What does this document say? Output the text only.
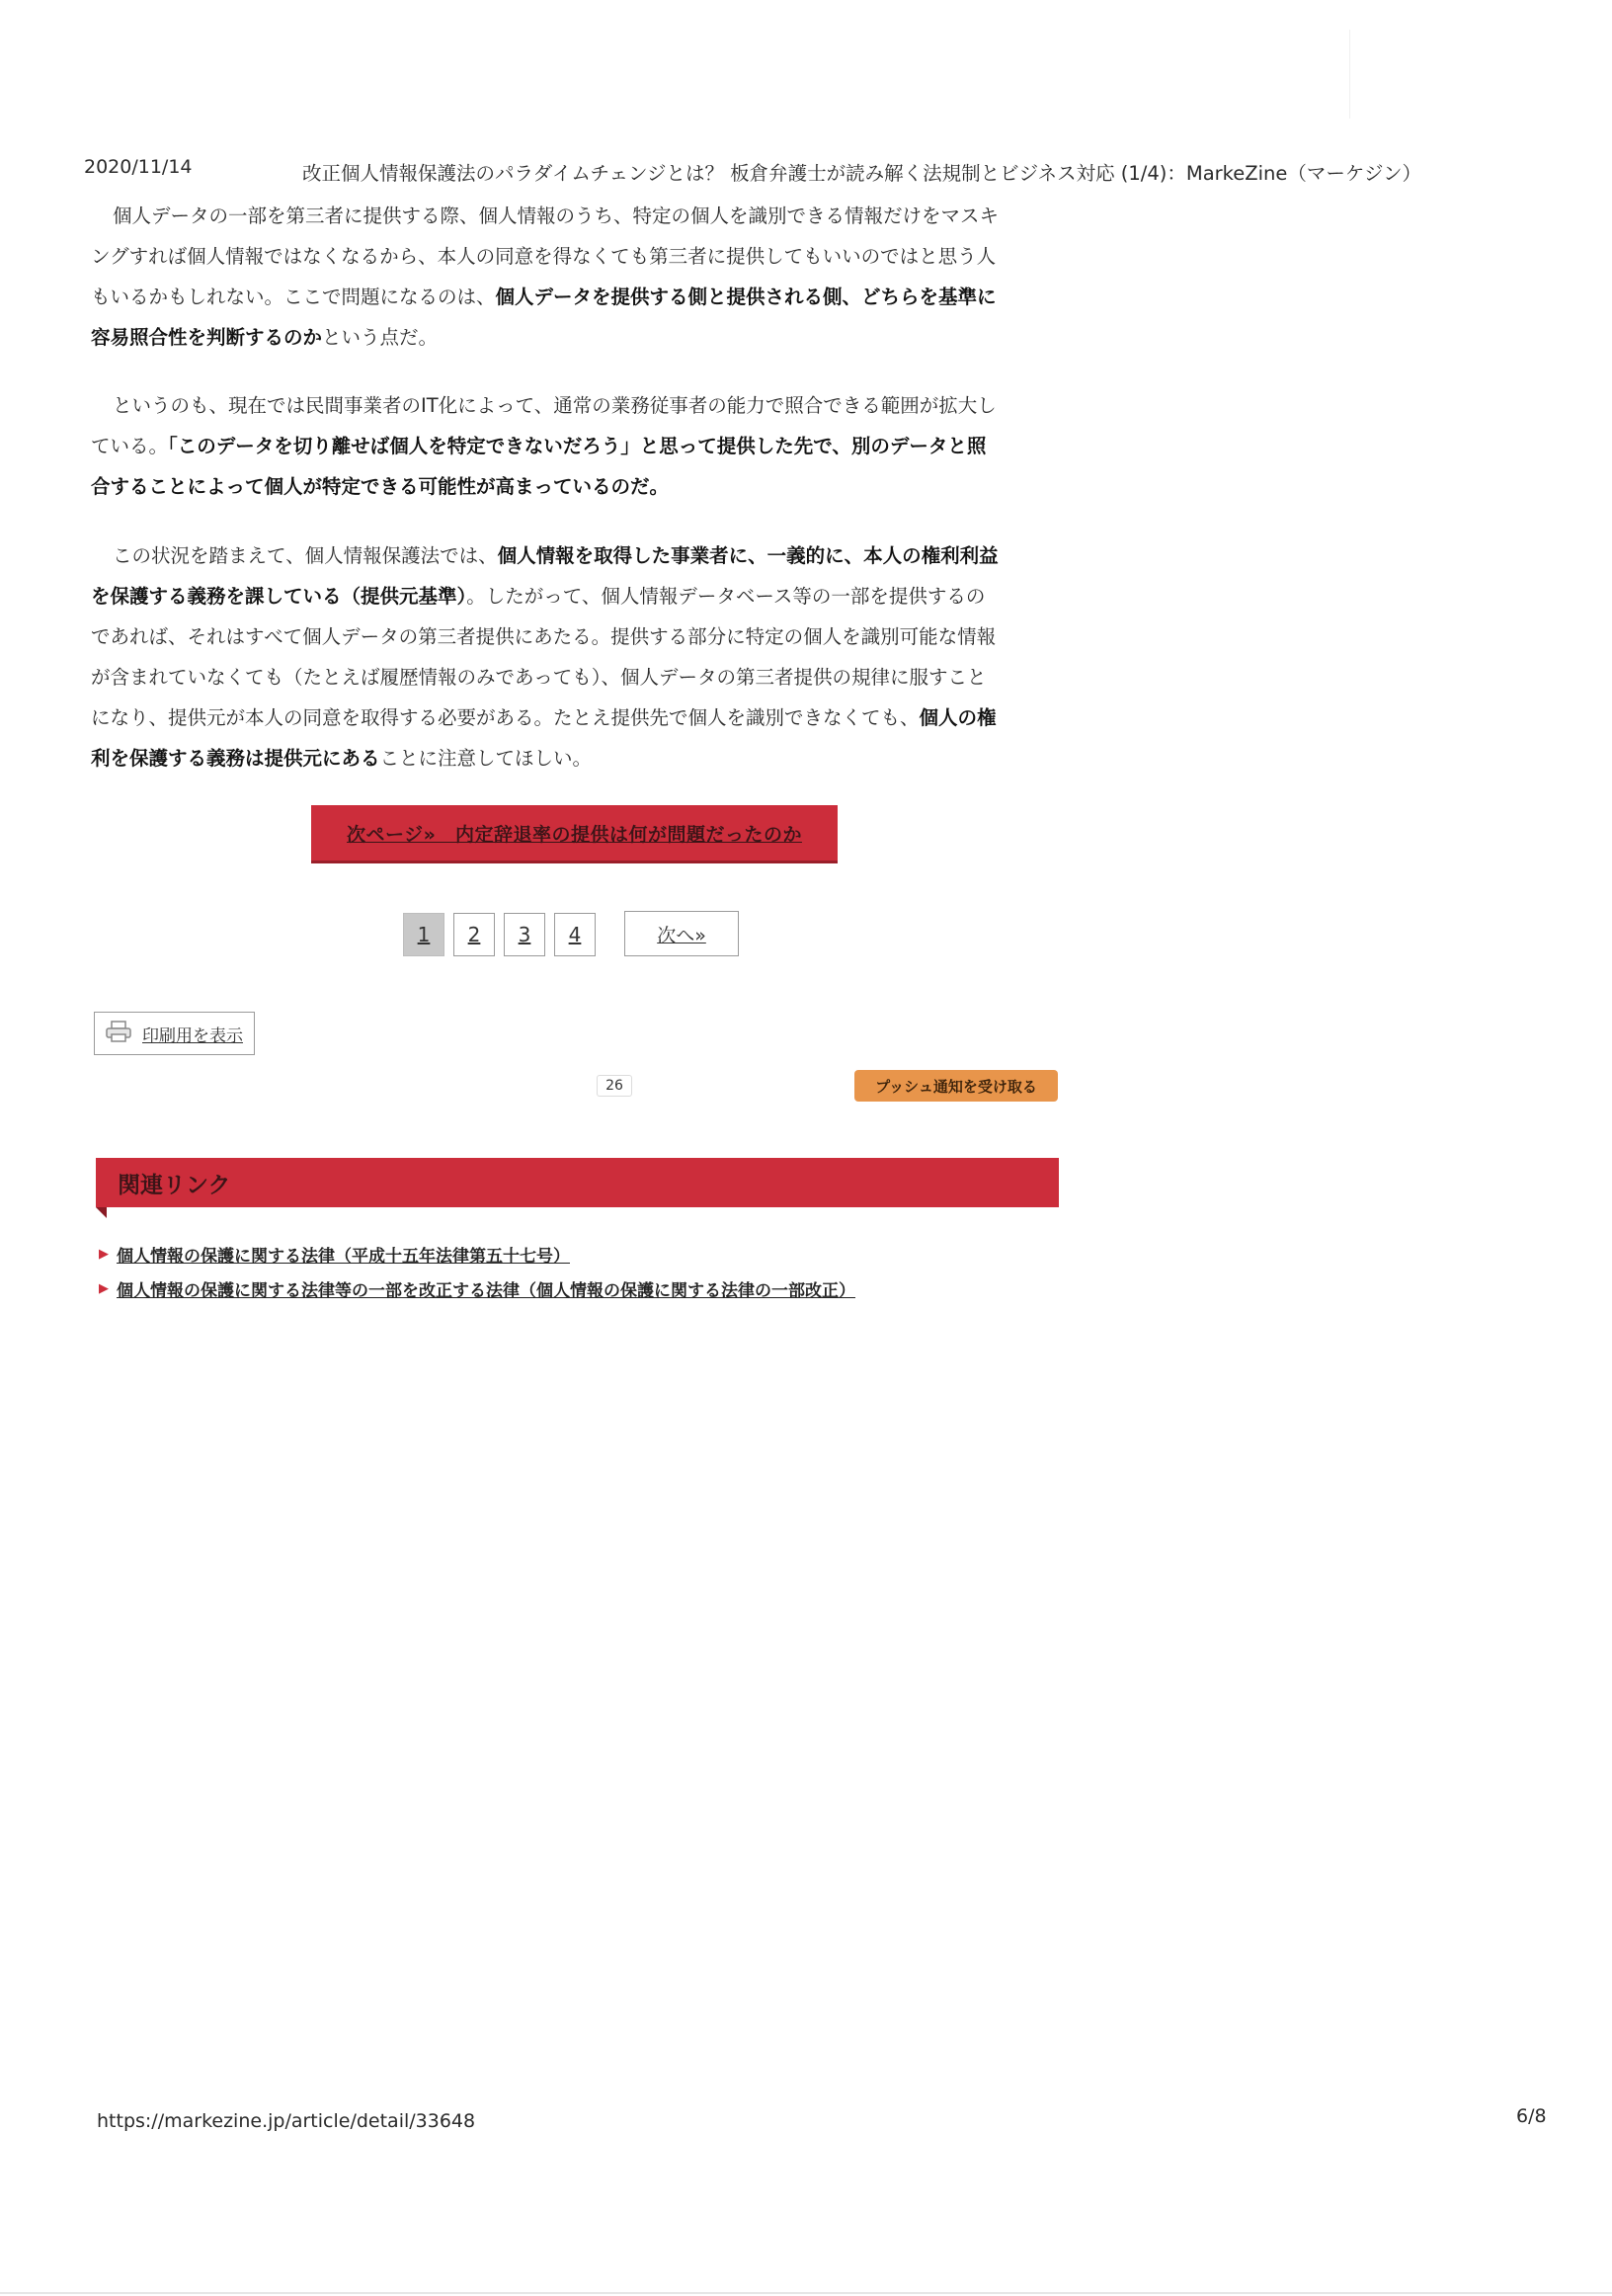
2020/11/14	改正個人情報保護法のパラダイムチェンジとは？ 板倉弁護士が読み解く法規制とビジネス対応 (1/4)：MarkeZine（マーケジン）
個人データの一部を第三者に提供する際、個人情報のうち、特定の個人を識別できる情報だけをマスキ
ングすれば個人情報ではなくなるから、本人の同意を得なくても第三者に提供してもいいのではと思う人
もいるかもしれない。ここで問題になるのは、個人データを提供する側と提供される側、どちらを基準に
容易照合性を判断するのかという点だ。
というのも、現在では民間事業者のIT化によって、通常の業務従事者の能力で照合できる範囲が拡大し
ている。「このデータを切り離せば個人を特定できないだろう」と思って提供した先で、別のデータと照
合することによって個人が特定できる可能性が高まっているのだ。
この状況を踏まえて、個人情報保護法では、個人情報を取得した事業者に、一義的に、本人の権利利益
を保護する義務を課している（提供元基準）。したがって、個人情報データベース等の一部を提供するの
であれば、それはすべて個人データの第三者提供にあたる。提供する部分に特定の個人を識別可能な情報
が含まれていなくても（たとえば履歴情報のみであっても）、個人データの第三者提供の規律に服すこと
になり、提供元が本人の同意を取得する必要がある。たとえ提供先で個人を識別できなくても、個人の権
利を保護する義務は提供元にあることに注意してほしい。
次ページ»　内定辞退率の提供は何が問題だったのか
1	2	3	4	次へ»
印刷用を表示
26	プッシュ通知を受け取る
関連リンク
▶ 個人情報の保護に関する法律（平成十五年法律第五十七号）
▶ 個人情報の保護に関する法律等の一部を改正する法律（個人情報の保護に関する法律の一部改正）
https://markezine.jp/article/detail/33648	6/8
